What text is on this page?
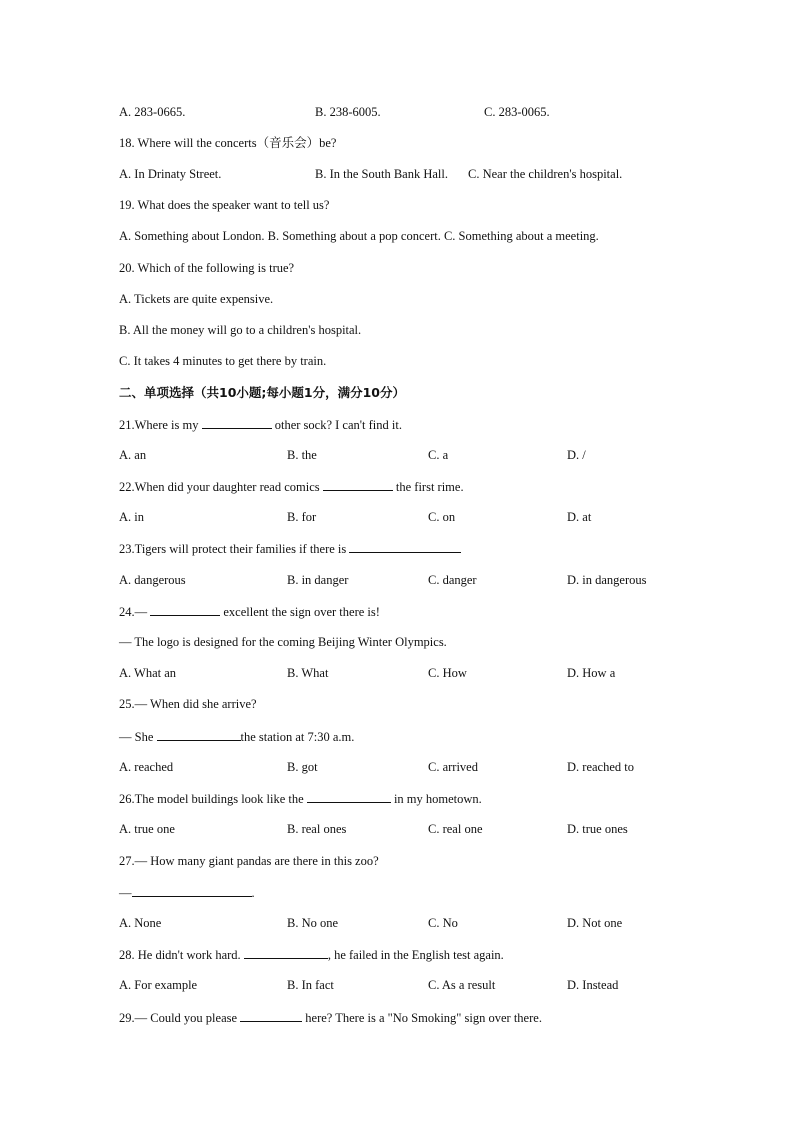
A. 283-0665.	B. 238-6005.	C. 283-0065.
18. Where will the concerts（音乐会）be?
A. In Drinaty Street.	B. In the South Bank Hall. C. Near the children's hospital.
19. What does the speaker want to tell us?
A. Something about London. B. Something about a pop concert. C. Something about a meeting.
20. Which of the following is true?
A. Tickets are quite expensive.
B. All the money will go to a children's hospital.
C. It takes 4 minutes to get there by train.
二、单项选择（共10小题;每小题1分，满分10分）
21.Where is my	other sock? I can't find it.
A. an	B. the	C. a	D. /
22.When did your daughter read comics	the first rime.
A. in	B. for	C. on	D. at
23.Tigers will protect their families if there is
A. dangerous	B. in danger	C. danger	D. in dangerous
24.—	excellent the sign over there is!
— The logo is designed for the coming Beijing Winter Olympics.
A. What an	B. What	C. How	D. How a
25.— When did she arrive?
— She	the station at 7:30 a.m.
A. reached	B. got	C. arrived	D. reached to
26.The model buildings look like the	in my hometown.
A. true one	B. real ones	C. real one	D. true ones
27.— How many giant pandas are there in this zoo?
—	.
A. None	B. No one	C. No	D. Not one
28. He didn't work hard.	, he failed in the English test again.
A. For example	B. In fact	C. As a result	D. Instead
29.— Could you please	here? There is a "No Smoking" sign over there.
